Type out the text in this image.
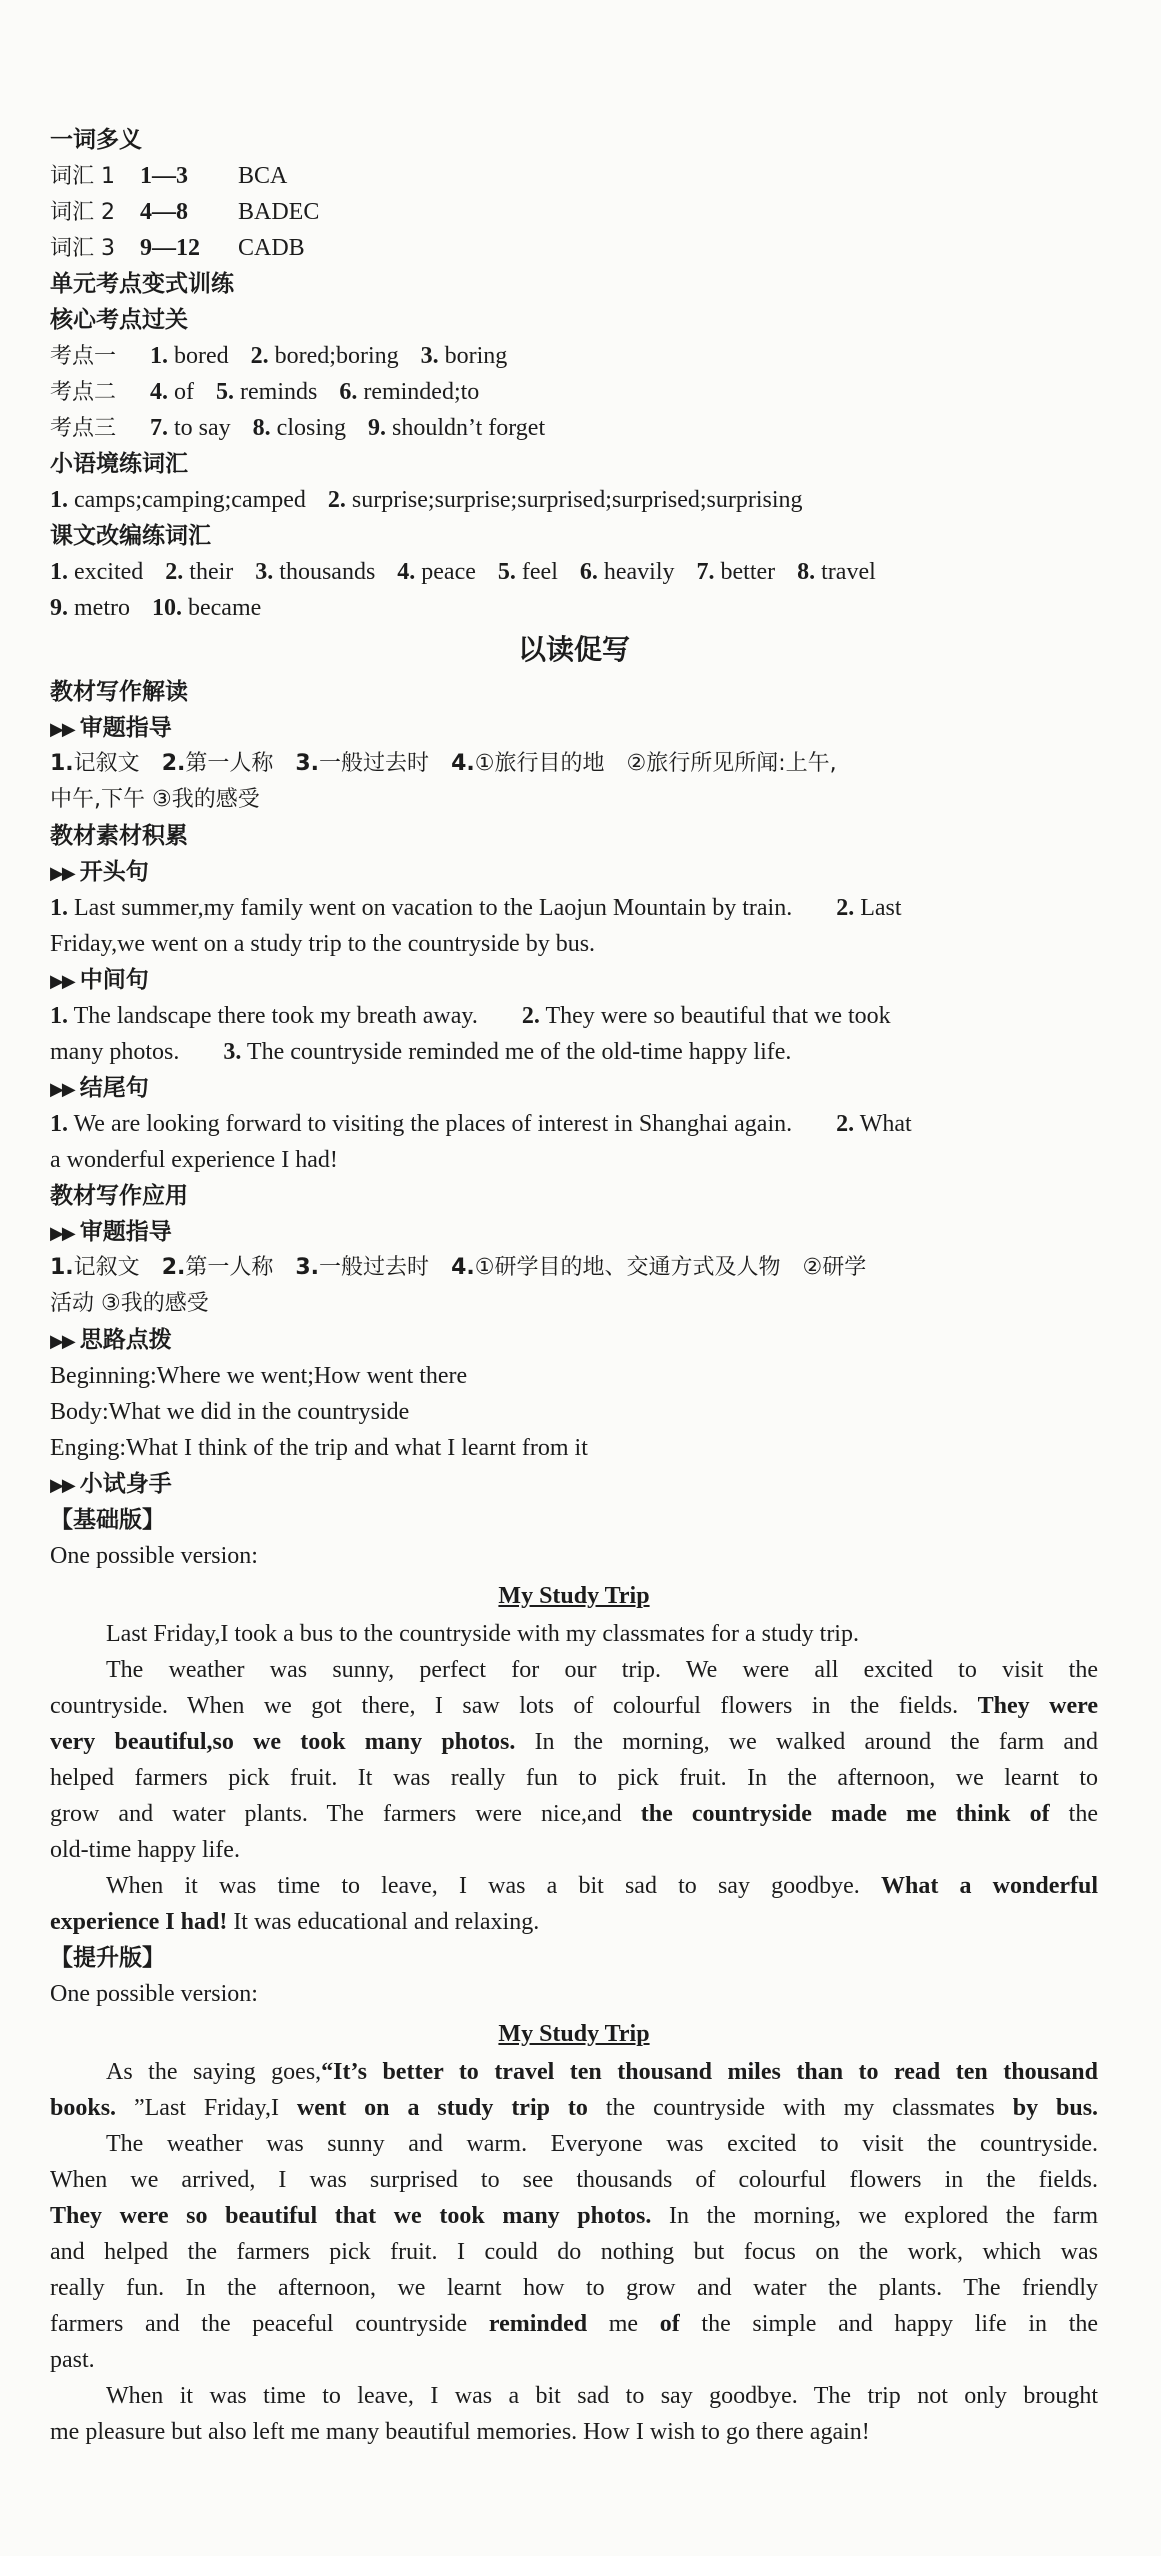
一词多义
词汇 1 1—3 BCA
词汇 2 4—8 BADEC
词汇 3 9—12 CADB
单元考点变式训练
核心考点过关
考点一 1. bored 2. bored;boring 3. boring
考点二 4. of 5. reminds 6. reminded;to
考点三 7. to say 8. closing 9. shouldn’t forget
小语境练词汇
1. camps;camping;camped 2. surprise;surprise;surprised;surprised;surprising
课文改编练词汇
1. excited 2. their 3. thousands 4. peace 5. feel 6. heavily 7. better 8. travel
9. metro 10. became
以读促写
教材写作解读
▶▶ 审题指导
1.记叙文 2.第一人称 3.一般过去时 4.①旅行目的地 ②旅行所见所闻:上午,
中午,下午 ③我的感受
教材素材积累
▶▶ 开头句
1. Last summer,my family went on vacation to the Laojun Mountain by train. 2. Last
Friday,we went on a study trip to the countryside by bus.
▶▶ 中间句
1. The landscape there took my breath away. 2. They were so beautiful that we took
many photos. 3. The countryside reminded me of the old-time happy life.
▶▶ 结尾句
1. We are looking forward to visiting the places of interest in Shanghai again. 2. What
a wonderful experience I had!
教材写作应用
▶▶ 审题指导
1.记叙文 2.第一人称 3.一般过去时 4.①研学目的地、交通方式及人物 ②研学
活动 ③我的感受
▶▶ 思路点拨
Beginning:Where we went;How went there
Body:What we did in the countryside
Enging:What I think of the trip and what I learnt from it
▶▶ 小试身手
【基础版】
One possible version:
My Study Trip
Last Friday,I took a bus to the countryside with my classmates for a study trip.
The weather was sunny, perfect for our trip. We were all excited to visit the
countryside. When we got there, I saw lots of colourful flowers in the fields. They were
very beautiful,so we took many photos. In the morning, we walked around the farm and
helped farmers pick fruit. It was really fun to pick fruit. In the afternoon, we learnt to
grow and water plants. The farmers were nice,and the countryside made me think of the
old-time happy life.
When it was time to leave, I was a bit sad to say goodbye. What a wonderful
experience I had! It was educational and relaxing.
【提升版】
One possible version:
My Study Trip
As the saying goes,“It’s better to travel ten thousand miles than to read ten thousand
books. ”Last Friday,I went on a study trip to the countryside with my classmates by bus.
The weather was sunny and warm. Everyone was excited to visit the countryside.
When we arrived, I was surprised to see thousands of colourful flowers in the fields.
They were so beautiful that we took many photos. In the morning, we explored the farm
and helped the farmers pick fruit. I could do nothing but focus on the work, which was
really fun. In the afternoon, we learnt how to grow and water the plants. The friendly
farmers and the peaceful countryside reminded me of the simple and happy life in the
past.
When it was time to leave, I was a bit sad to say goodbye. The trip not only brought
me pleasure but also left me many beautiful memories. How I wish to go there again!
